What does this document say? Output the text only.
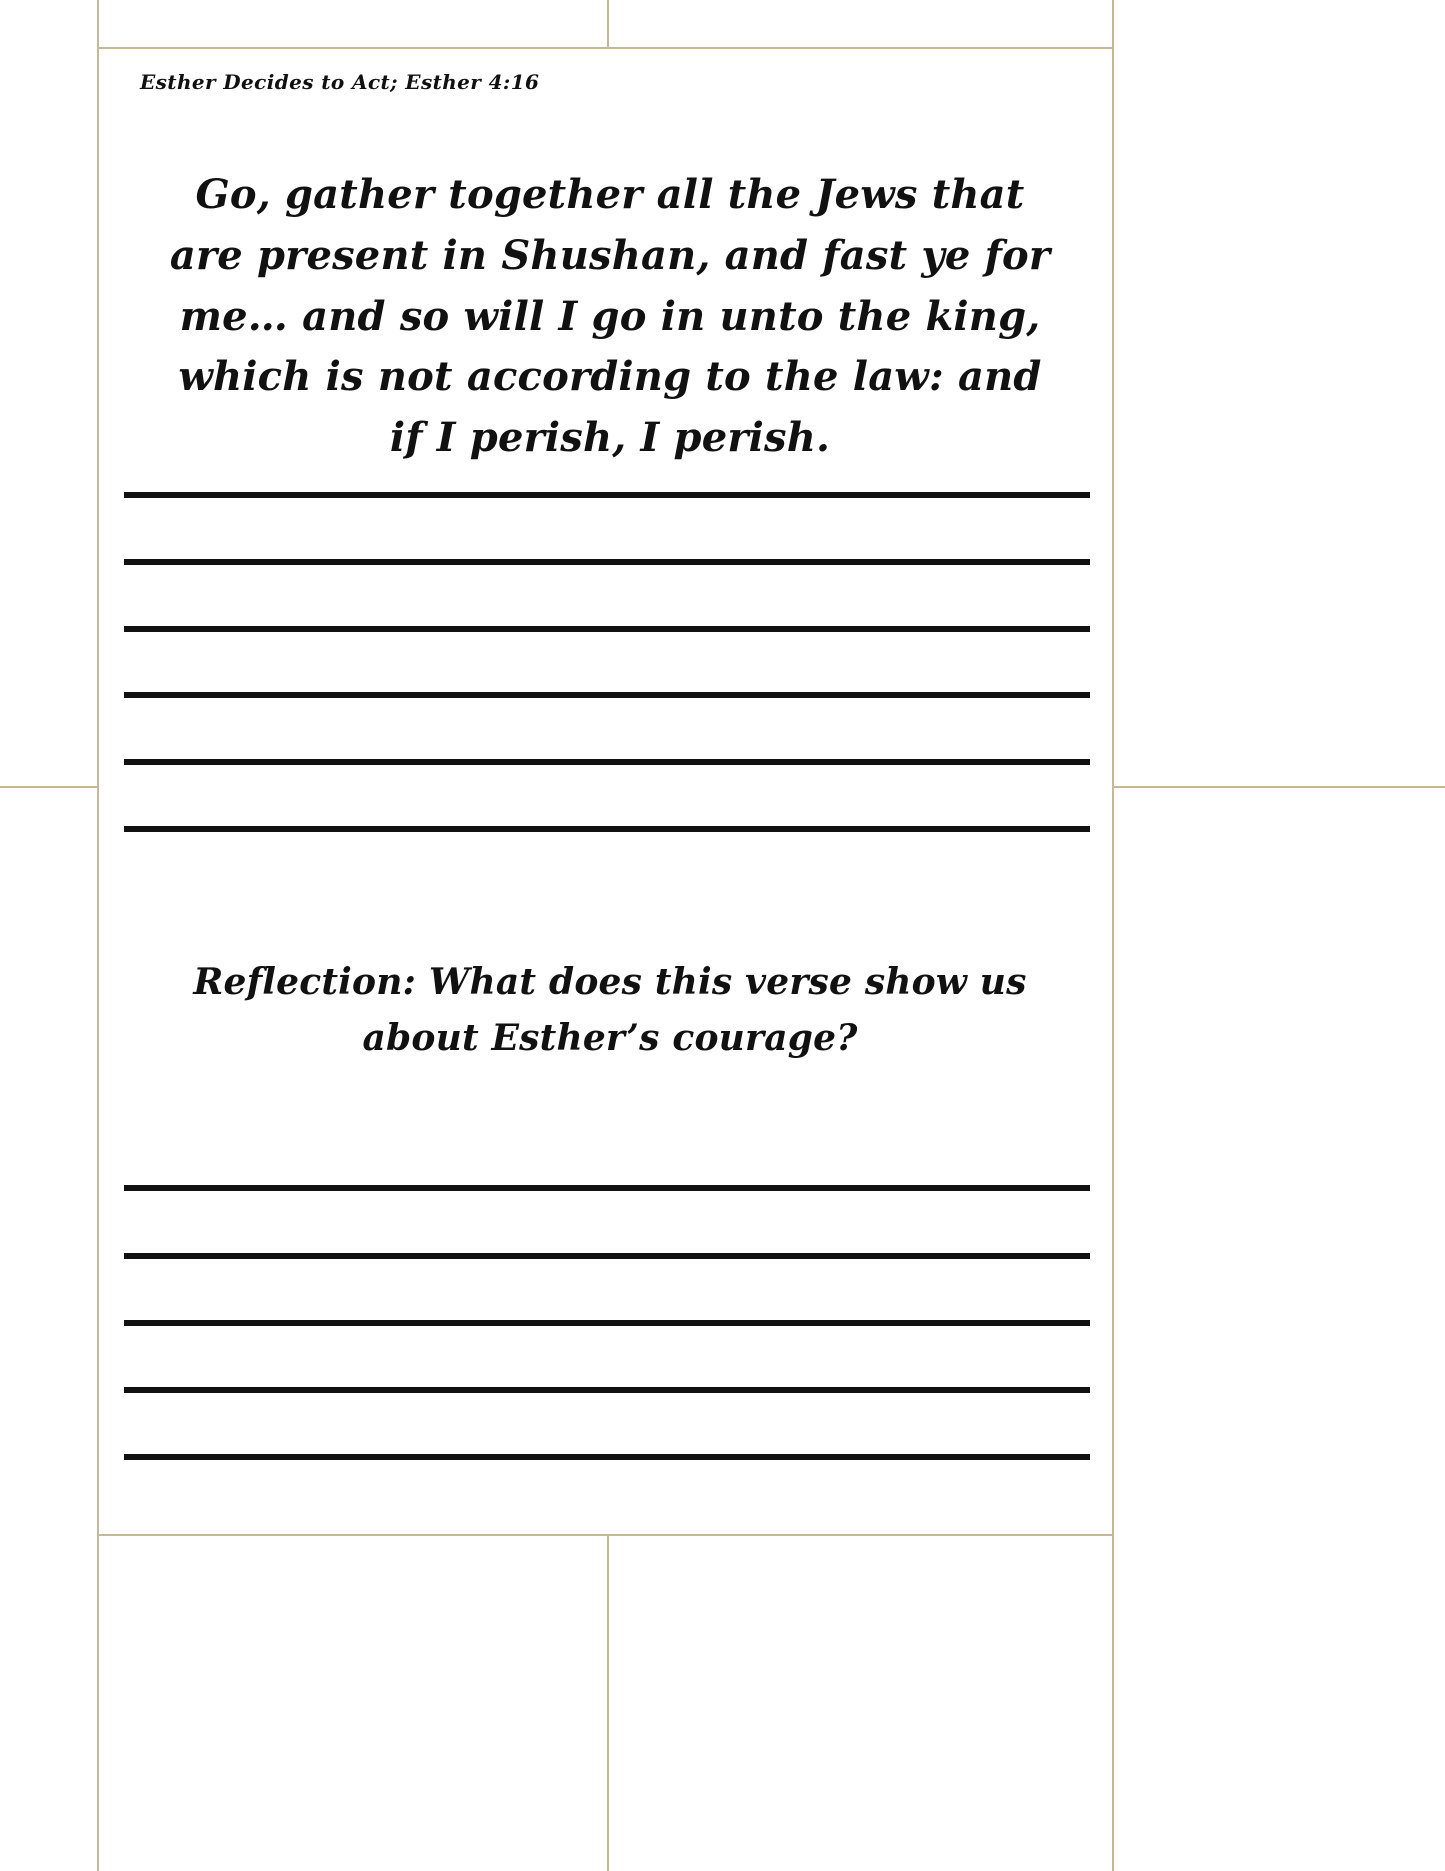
Esther Decides to Act; Esther 4:16
Go, gather together all the Jews that are present in Shushan, and fast ye for me… and so will I go in unto the king, which is not according to the law: and if I perish, I perish.
Reflection: What does this verse show us about Esther’s courage?
